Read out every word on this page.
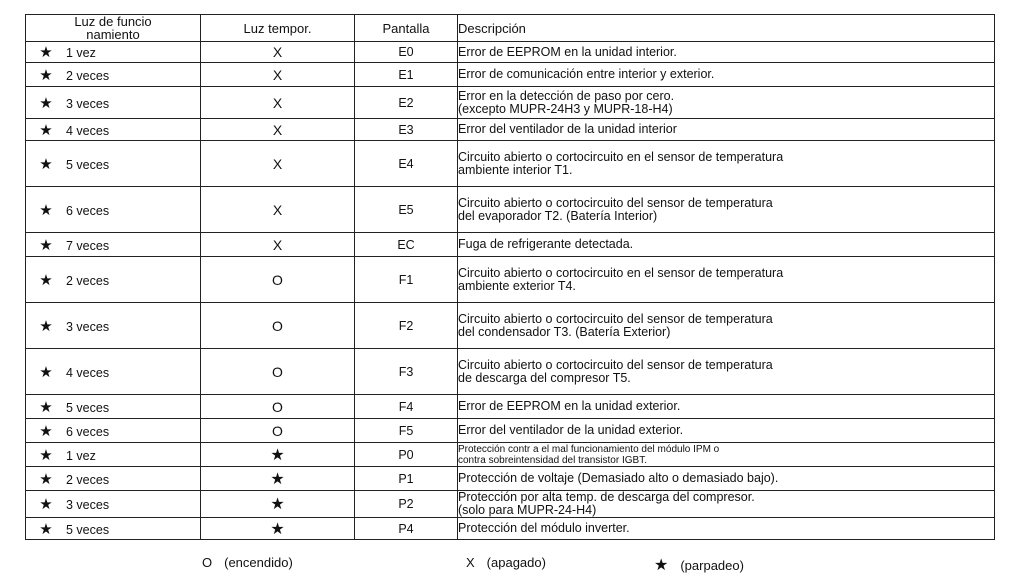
Luz de funcio namiento	Luz tempor.	Pantalla	Descripción
★ 1 vez	X	E0	Error de EEPROM en la unidad interior.

★ 2 veces	X	E1	Error de comunicación entre interior y exterior.

★ 3 veces	X	E2	Error en la detección de paso por cero.
(excepto MUPR-24H3 y MUPR-18-H4)

★ 4 veces	X	E3	Error del ventilador de la unidad interior

★ 5 veces	X	E4	Circuito abierto o cortocircuito en el sensor de temperatura
ambiente interior T1.

★ 6 veces	X	E5	Circuito abierto o cortocircuito del sensor de temperatura
del evaporador T2. (Batería Interior)

★ 7 veces	X	EC	Fuga de refrigerante detectada.

★ 2 veces	O	F1	Circuito abierto o cortocircuito en el sensor de temperatura
ambiente exterior T4.

★ 3 veces	O	F2	Circuito abierto o cortocircuito del sensor de temperatura
del condensador T3. (Batería Exterior)

★ 4 veces	O	F3	Circuito abierto o cortocircuito del sensor de temperatura
de descarga del compresor T5.

★ 5 veces	O	F4	Error de EEPROM en la unidad exterior.

★ 6 veces	O	F5	Error del ventilador de la unidad exterior.

★ 1 vez	★	P0	Protección contr a el mal funcionamiento del módulo IPM o
contra sobreintensidad del transistor IGBT.

★ 2 veces	★	P1	Protección de voltaje (Demasiado alto o demasiado bajo).

★ 3 veces	★	P2	Protección por alta temp. de descarga del compresor.
(solo para MUPR-24-H4)

★ 5 veces	★	P4	Protección del módulo inverter.
O (encendido)	X (apagado)	★ (parpadeo)
